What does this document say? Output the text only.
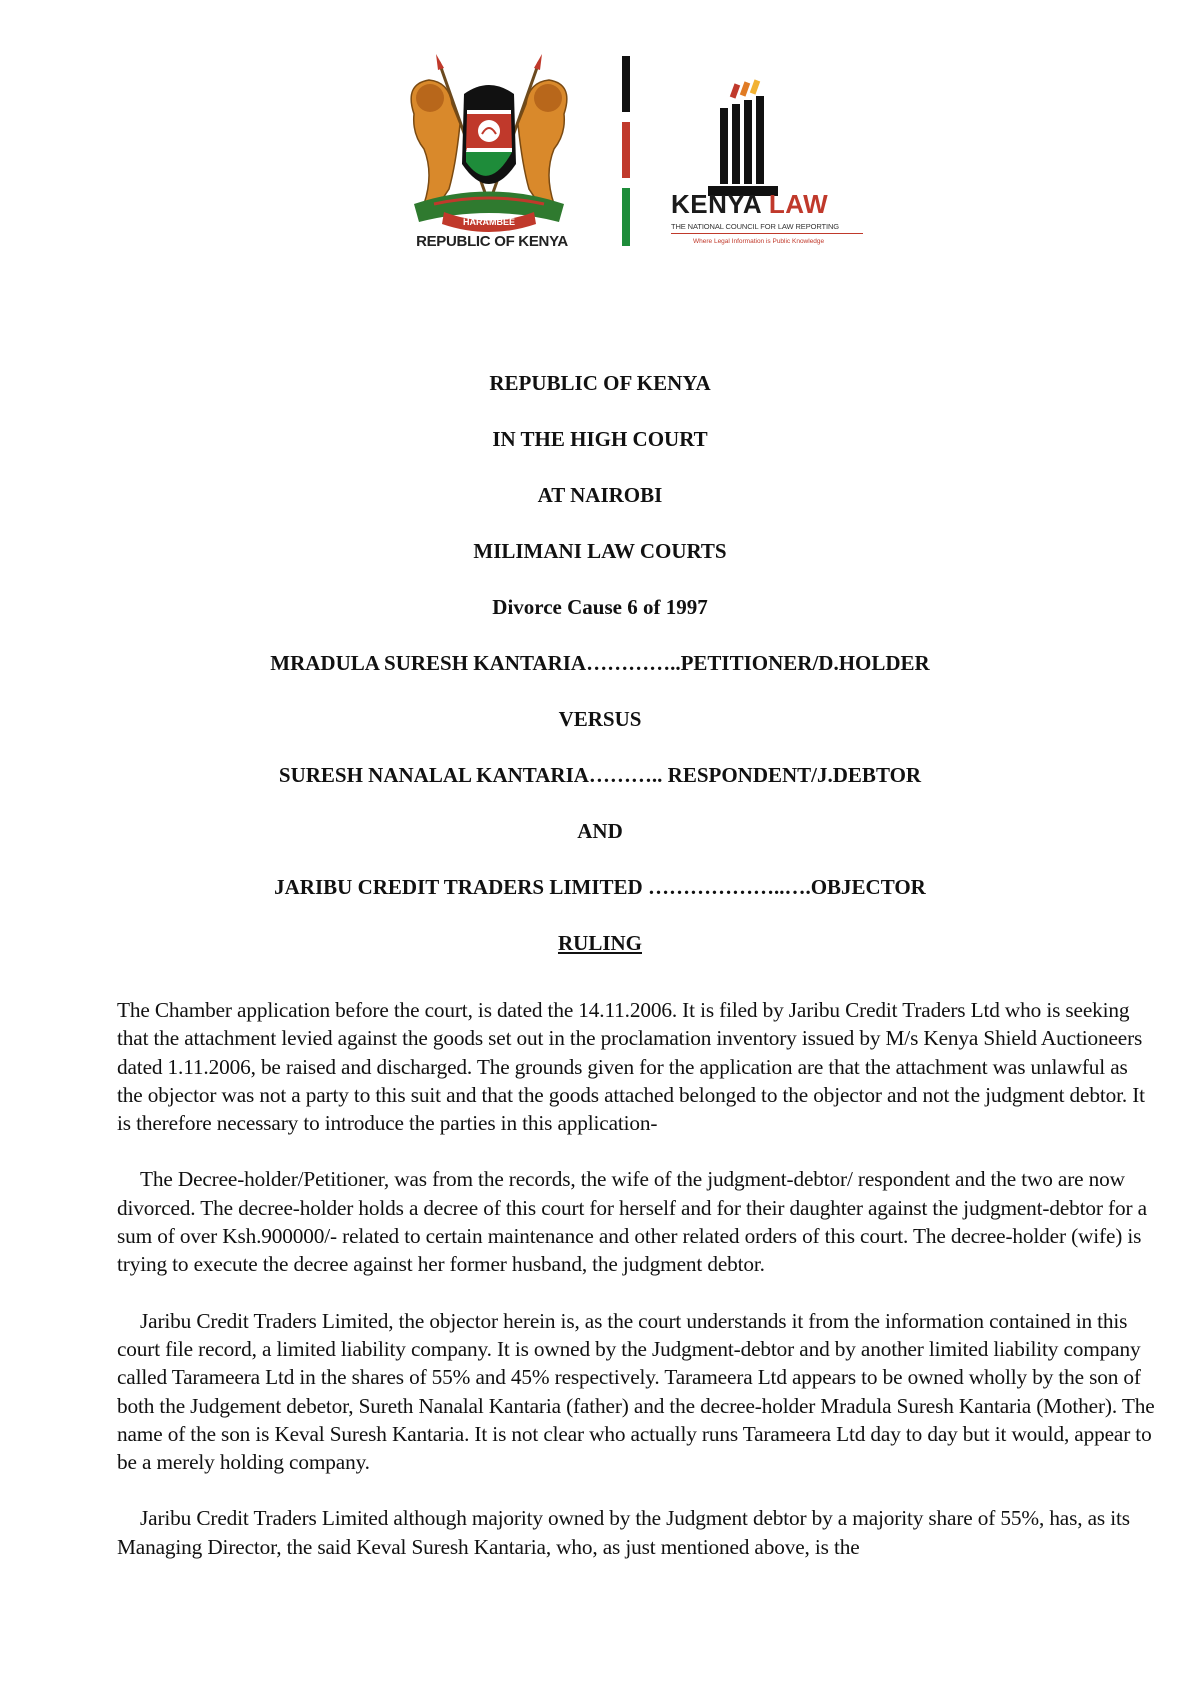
HARAMBEE
REPUBLIC OF KENYA
KENYA LAW
THE NATIONAL COUNCIL FOR LAW REPORTING
Where Legal Information is Public Knowledge
REPUBLIC OF KENYA
IN THE HIGH COURT
AT NAIROBI
MILIMANI LAW COURTS
Divorce Cause 6 of 1997
MRADULA SURESH KANTARIA…………..PETITIONER/D.HOLDER
VERSUS
SURESH NANALAL KANTARIA……….. RESPONDENT/J.DEBTOR
AND
JARIBU CREDIT TRADERS LIMITED ………………..….OBJECTOR
RULING

The Chamber application before the court, is dated the 14.11.2006. It is filed by Jaribu Credit Traders Ltd who is seeking that the attachment levied against the goods set out in the proclamation inventory issued by M/s Kenya Shield Auctioneers dated 1.11.2006, be raised and discharged. The grounds given for the application are that the attachment was unlawful as the objector was not a party to this suit and that the goods attached belonged to the objector and not the judgment debtor. It is therefore necessary to introduce the parties in this application-

The Decree-holder/Petitioner, was from the records, the wife of the judgment-debtor/ respondent and the two are now divorced. The decree-holder holds a decree of this court for herself and for their daughter against the judgment-debtor for a sum of over Ksh.900000/- related to certain maintenance and other related orders of this court. The decree-holder (wife) is trying to execute the decree against her former husband, the judgment debtor.

Jaribu Credit Traders Limited, the objector herein is, as the court understands it from the information contained in this court file record, a limited liability company. It is owned by the Judgment-debtor and by another limited liability company called Tarameera Ltd in the shares of 55% and 45% respectively. Tarameera Ltd appears to be owned wholly by the son of both the Judgement debetor, Sureth Nanalal Kantaria (father) and the decree-holder Mradula Suresh Kantaria (Mother). The name of the son is Keval Suresh Kantaria. It is not clear who actually runs Tarameera Ltd day to day but it would, appear to be a merely holding company.

Jaribu Credit Traders Limited although majority owned by the Judgment debtor by a majority share of 55%, has, as its Managing Director, the said Keval Suresh Kantaria, who, as just mentioned above, is the
